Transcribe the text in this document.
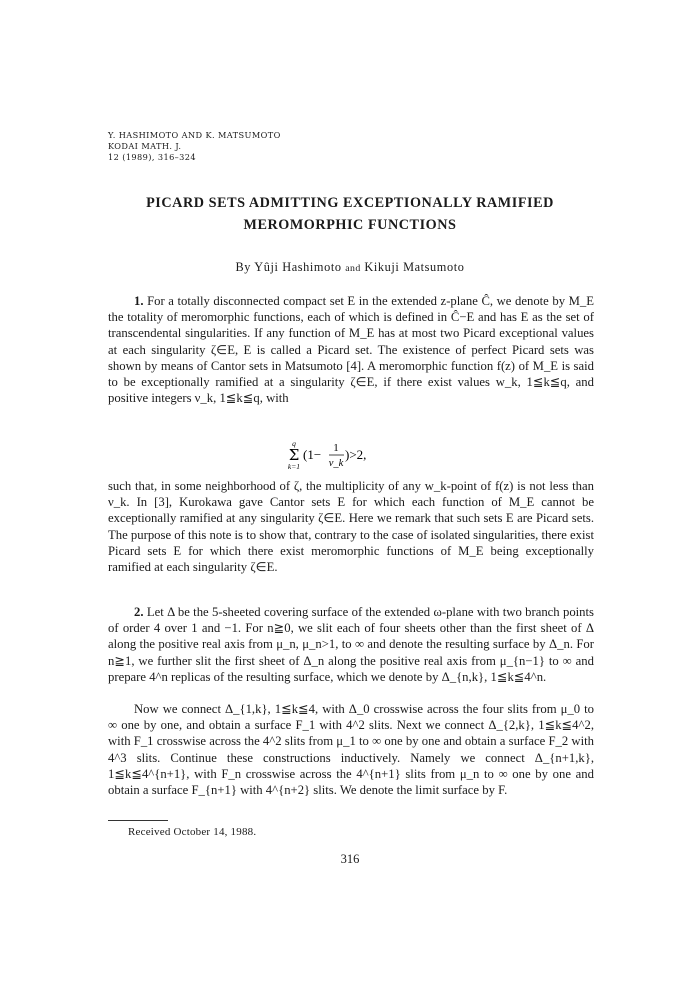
Y. HASHIMOTO AND K. MATSUMOTO
KODAI MATH. J.
12 (1989), 316–324
PICARD SETS ADMITTING EXCEPTIONALLY RAMIFIED
MEROMORPHIC FUNCTIONS
By Yûji Hashimoto and Kikuji Matsumoto

1. For a totally disconnected compact set E in the extended z-plane Ĉ, we denote by M_E the totality of meromorphic functions, each of which is defined in Ĉ−E and has E as the set of transcendental singularities. If any function of M_E has at most two Picard exceptional values at each singularity ζ∈E, E is called a Picard set. The existence of perfect Picard sets was shown by means of Cantor sets in Matsumoto [4]. A meromorphic function f(z) of M_E is said to be exceptionally ramified at a singularity ζ∈E, if there exist values w_k, 1≦k≦q, and positive integers ν_k, 1≦k≦q, with

q
Σ
k=1
(1− 1
ν_k
)>2,

such that, in some neighborhood of ζ, the multiplicity of any w_k-point of f(z) is not less than ν_k. In [3], Kurokawa gave Cantor sets E for which each function of M_E cannot be exceptionally ramified at any singularity ζ∈E. Here we remark that such sets E are Picard sets. The purpose of this note is to show that, contrary to the case of isolated singularities, there exist Picard sets E for which there exist meromorphic functions of M_E being exceptionally ramified at each singularity ζ∈E.

2. Let Δ be the 5-sheeted covering surface of the extended ω-plane with two branch points of order 4 over 1 and −1. For n≧0, we slit each of four sheets other than the first sheet of Δ along the positive real axis from μ_n, μ_n>1, to ∞ and denote the resulting surface by Δ_n. For n≧1, we further slit the first sheet of Δ_n along the positive real axis from μ_{n−1} to ∞ and prepare 4^n replicas of the resulting surface, which we denote by Δ_{n,k}, 1≦k≦4^n.

Now we connect Δ_{1,k}, 1≦k≦4, with Δ_0 crosswise across the four slits from μ_0 to ∞ one by one, and obtain a surface F_1 with 4^2 slits. Next we connect Δ_{2,k}, 1≦k≦4^2, with F_1 crosswise across the 4^2 slits from μ_1 to ∞ one by one and obtain a surface F_2 with 4^3 slits. Continue these constructions inductively. Namely we connect Δ_{n+1,k}, 1≦k≦4^{n+1}, with F_n crosswise across the 4^{n+1} slits from μ_n to ∞ one by one and obtain a surface F_{n+1} with 4^{n+2} slits. We denote the limit surface by F.

Received October 14, 1988.
316
